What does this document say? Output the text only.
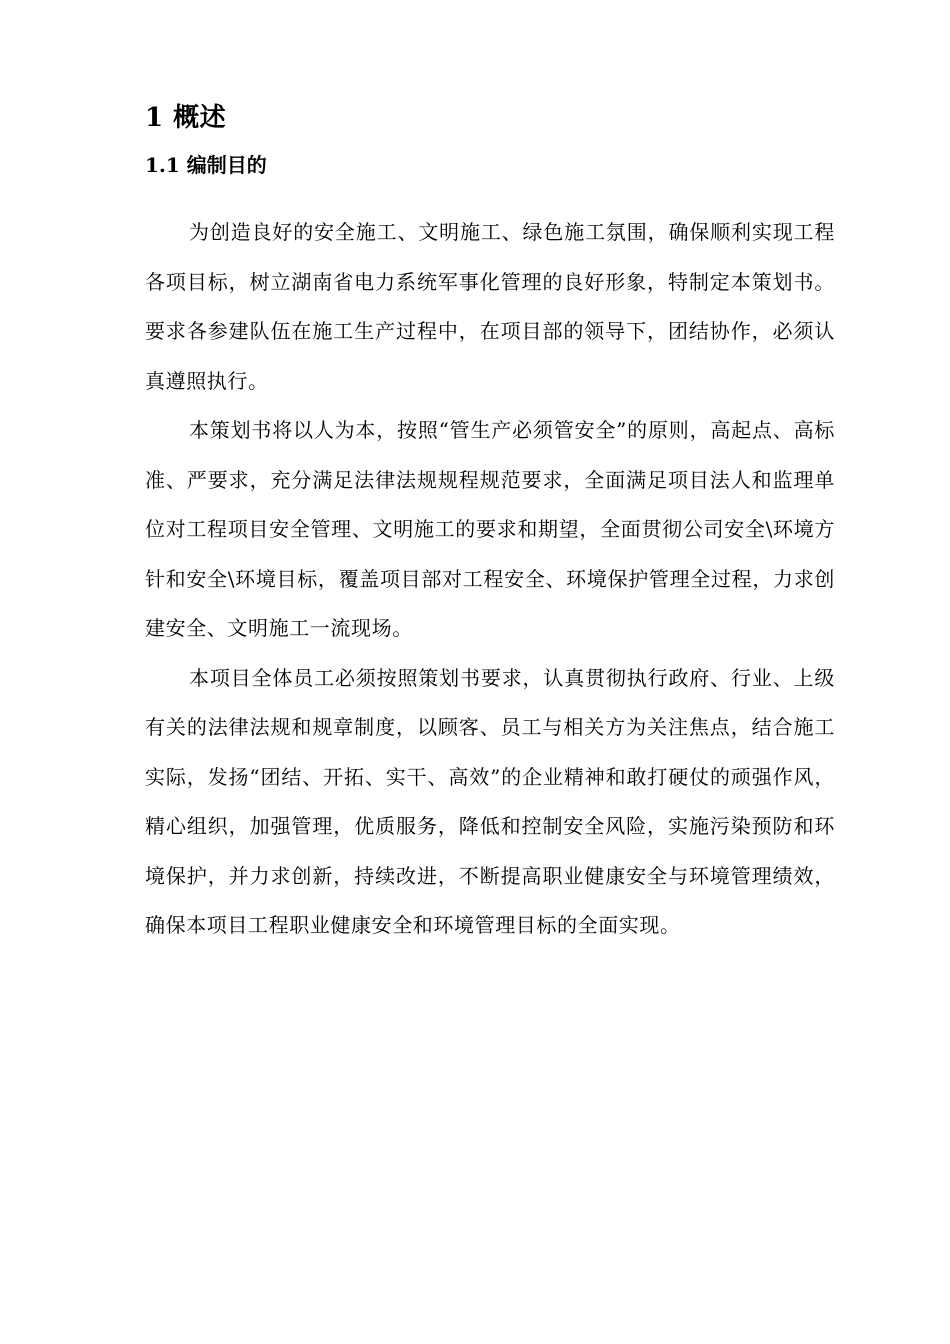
1 概述
1.1 编制目的

为创造良好的安全施工、文明施工、绿色施工氛围，确保顺利实现工程各项目标，树立湖南省电力系统军事化管理的良好形象，特制定本策划书。要求各参建队伍在施工生产过程中，在项目部的领导下，团结协作，必须认真遵照执行。

本策划书将以人为本，按照“管生产必须管安全”的原则，高起点、高标准、严要求，充分满足法律法规规程规范要求，全面满足项目法人和监理单位对工程项目安全管理、文明施工的要求和期望，全面贯彻公司安全\环境方针和安全\环境目标，覆盖项目部对工程安全、环境保护管理全过程，力求创建安全、文明施工一流现场。

本项目全体员工必须按照策划书要求，认真贯彻执行政府、行业、上级有关的法律法规和规章制度，以顾客、员工与相关方为关注焦点，结合施工实际，发扬“团结、开拓、实干、高效”的企业精神和敢打硬仗的顽强作风，精心组织，加强管理，优质服务，降低和控制安全风险，实施污染预防和环境保护，并力求创新，持续改进，不断提高职业健康安全与环境管理绩效，确保本项目工程职业健康安全和环境管理目标的全面实现。
